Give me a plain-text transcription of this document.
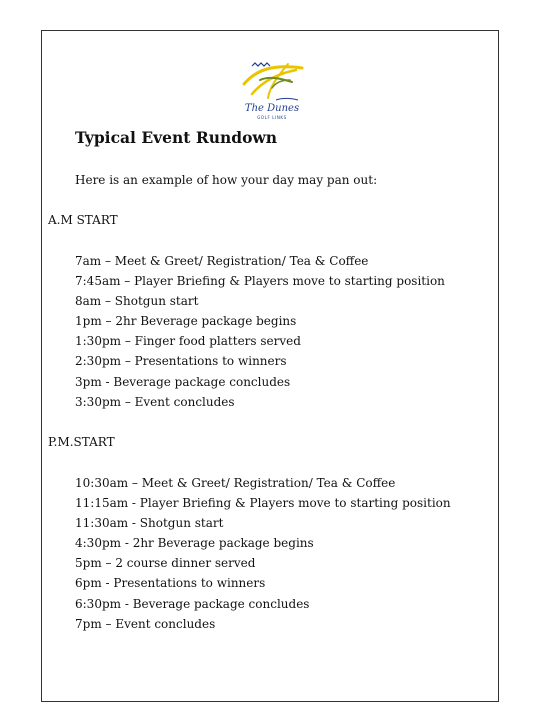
The Dunes
GOLF LINKS
Typical Event Rundown
Here is an example of how your day may pan out:
A.M START
7am – Meet & Greet/ Registration/ Tea & Coffee
7:45am – Player Briefing & Players move to starting position
8am – Shotgun start
1pm – 2hr Beverage package begins
1:30pm – Finger food platters served
2:30pm – Presentations to winners
3pm - Beverage package concludes
3:30pm – Event concludes
P.M.START
10:30am – Meet & Greet/ Registration/ Tea & Coffee
11:15am - Player Briefing & Players move to starting position
11:30am - Shotgun start
4:30pm - 2hr Beverage package begins
5pm – 2 course dinner served
6pm - Presentations to winners
6:30pm - Beverage package concludes
7pm – Event concludes
